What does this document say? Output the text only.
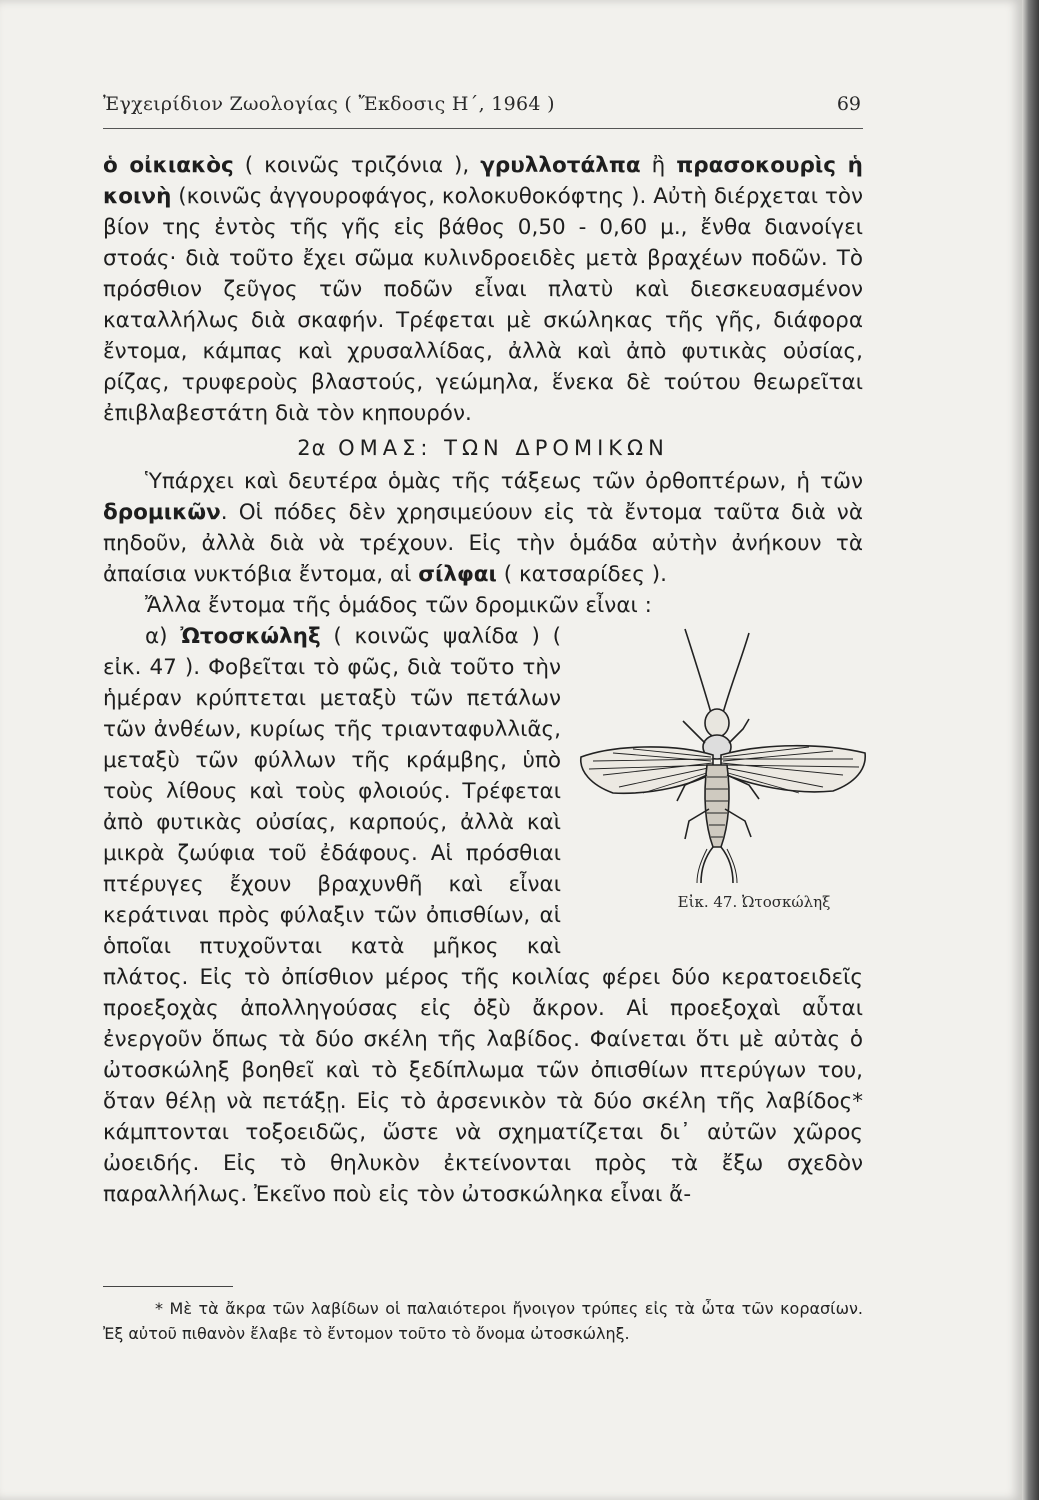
Ἐγχειρίδιον Ζωολογίας ( Ἔκδοσις Η΄, 1964 )	69

ὁ οἰκιακὸς ( κοινῶς τριζόνια ), γρυλλοτάλπα ἢ πρασοκουρὶς ἡ κοινὴ (κοινῶς ἀγγουροφάγος, κολοκυθοκόφτης ). Αὐτὴ διέρχεται τὸν βίον της ἐντὸς τῆς γῆς εἰς βάθος 0,50 - 0,60 μ., ἔνθα διανοίγει στοάς· διὰ τοῦτο ἔχει σῶμα κυλινδροειδὲς μετὰ βραχέων ποδῶν. Τὸ πρόσθιον ζεῦγος τῶν ποδῶν εἶναι πλατὺ καὶ διεσκευασμένον καταλλήλως διὰ σκαφήν. Τρέφεται μὲ σκώληκας τῆς γῆς, διάφορα ἔντομα, κάμπας καὶ χρυσαλλίδας, ἀλλὰ καὶ ἀπὸ φυτικὰς οὐσίας, ρίζας, τρυφεροὺς βλαστούς, γεώμηλα, ἕνεκα δὲ τούτου θεωρεῖται ἐπιβλαβεστάτη διὰ τὸν κηπουρόν.

2α ΟΜΑΣ: ΤΩΝ ΔΡΟΜΙΚΩΝ

Ὑπάρχει καὶ δευτέρα ὁμὰς τῆς τάξεως τῶν ὀρθοπτέρων, ἡ τῶν δρομικῶν. Οἱ πόδες δὲν χρησιμεύουν εἰς τὰ ἔντομα ταῦτα διὰ νὰ πηδοῦν, ἀλλὰ διὰ νὰ τρέχουν. Εἰς τὴν ὁμάδα αὐτὴν ἀνήκουν τὰ ἀπαίσια νυκτόβια ἔντομα, αἱ σίλφαι ( κατσαρίδες ).

Ἄλλα ἔντομα τῆς ὁμάδος τῶν δρομικῶν εἶναι :

α) Ὠτοσκώληξ
Εἰκ. 47. Ὠτοσκώληξ
( κοινῶς ψαλίδα ) ( εἰκ. 47 ). Φοβεῖται τὸ φῶς, διὰ τοῦτο τὴν ἡμέραν κρύπτεται μεταξὺ τῶν πετάλων τῶν ἀνθέων, κυρίως τῆς τριανταφυλλιᾶς, μεταξὺ τῶν φύλλων τῆς κράμβης, ὑπὸ τοὺς λίθους καὶ τοὺς φλοιούς. Τρέφεται ἀπὸ φυτικὰς οὐσίας, καρπούς, ἀλλὰ καὶ μικρὰ ζωύφια τοῦ ἐδάφους. Αἱ πρόσθιαι πτέρυγες ἔχουν βραχυνθῆ καὶ εἶναι κεράτιναι πρὸς φύλαξιν τῶν ὀπισθίων, αἱ ὁποῖαι πτυχοῦνται κατὰ μῆκος καὶ πλάτος. Εἰς τὸ ὀπίσθιον μέρος τῆς κοιλίας φέρει δύο κερατοειδεῖς προεξοχὰς ἀπολληγούσας εἰς ὀξὺ ἄκρον. Αἱ προεξοχαὶ αὗται ἐνεργοῦν ὅπως τὰ δύο σκέλη τῆς λαβίδος. Φαίνεται ὅτι μὲ αὐτὰς ὁ ὠτοσκώληξ βοηθεῖ καὶ τὸ ξεδίπλωμα τῶν ὀπισθίων πτερύγων του, ὅταν θέλῃ νὰ πετάξῃ. Εἰς τὸ ἀρσενικὸν τὰ δύο σκέλη τῆς λαβίδος* κάμπτονται τοξοειδῶς, ὥστε νὰ σχηματίζεται δι᾿ αὐτῶν χῶρος ὠοειδής. Εἰς τὸ θηλυκὸν ἐκτείνονται πρὸς τὰ ἔξω σχεδὸν παραλλήλως. Ἐκεῖνο ποὺ εἰς τὸν ὠτοσκώληκα εἶναι ἄ-

* Μὲ τὰ ἄκρα τῶν λαβίδων οἱ παλαιότεροι ἤνοιγον τρύπες εἰς τὰ ὦτα τῶν κορασίων. Ἐξ αὐτοῦ πιθανὸν ἔλαβε τὸ ἔντομον τοῦτο τὸ ὄνομα ὠτοσκώληξ.
